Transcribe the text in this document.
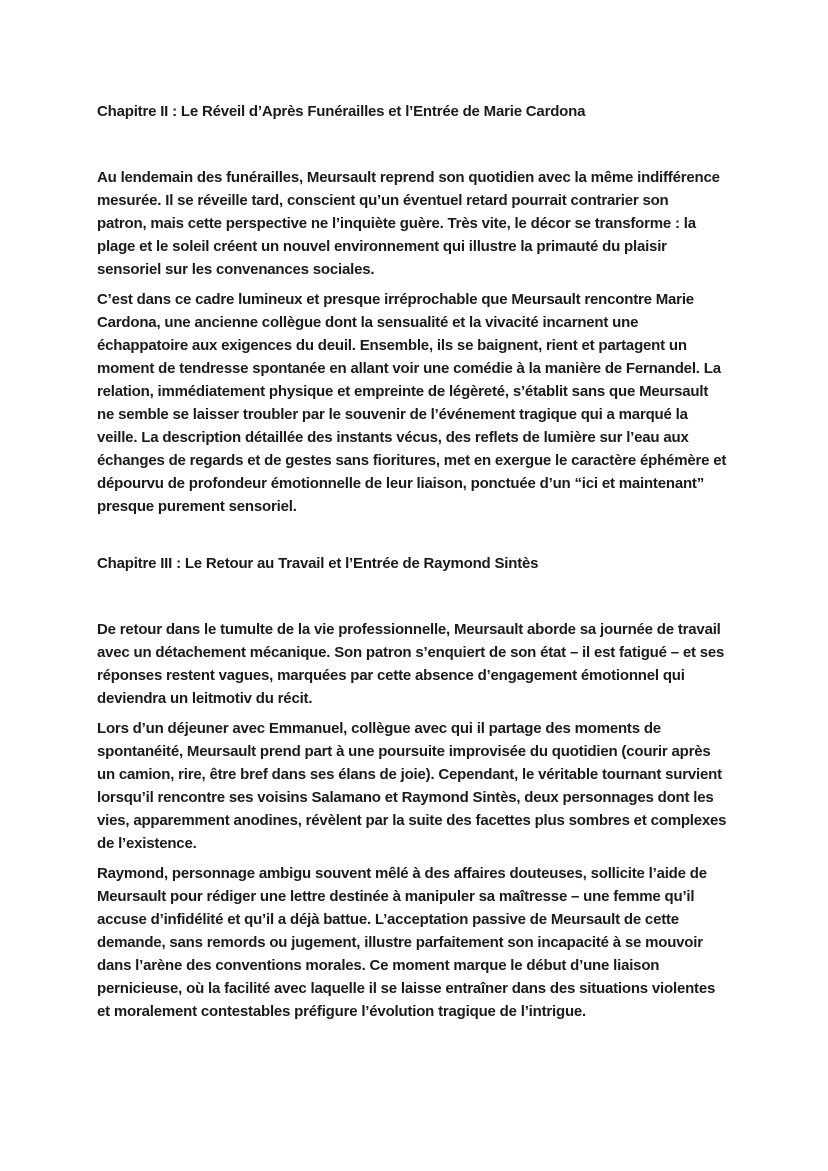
Chapitre II : Le Réveil d’Après Funérailles et l’Entrée de Marie Cardona
Au lendemain des funérailles, Meursault reprend son quotidien avec la même indifférence
mesurée. Il se réveille tard, conscient qu’un éventuel retard pourrait contrarier son
patron, mais cette perspective ne l’inquiète guère. Très vite, le décor se transforme : la
plage et le soleil créent un nouvel environnement qui illustre la primauté du plaisir
sensoriel sur les convenances sociales.
C’est dans ce cadre lumineux et presque irréprochable que Meursault rencontre Marie
Cardona, une ancienne collègue dont la sensualité et la vivacité incarnent une
échappatoire aux exigences du deuil. Ensemble, ils se baignent, rient et partagent un
moment de tendresse spontanée en allant voir une comédie à la manière de Fernandel. La
relation, immédiatement physique et empreinte de légèreté, s’établit sans que Meursault
ne semble se laisser troubler par le souvenir de l’événement tragique qui a marqué la
veille. La description détaillée des instants vécus, des reflets de lumière sur l’eau aux
échanges de regards et de gestes sans fioritures, met en exergue le caractère éphémère et
dépourvu de profondeur émotionnelle de leur liaison, ponctuée d’un “ici et maintenant”
presque purement sensoriel.
Chapitre III : Le Retour au Travail et l’Entrée de Raymond Sintès
De retour dans le tumulte de la vie professionnelle, Meursault aborde sa journée de travail
avec un détachement mécanique. Son patron s’enquiert de son état – il est fatigué – et ses
réponses restent vagues, marquées par cette absence d’engagement émotionnel qui
deviendra un leitmotiv du récit.
Lors d’un déjeuner avec Emmanuel, collègue avec qui il partage des moments de
spontanéité, Meursault prend part à une poursuite improvisée du quotidien (courir après
un camion, rire, être bref dans ses élans de joie). Cependant, le véritable tournant survient
lorsqu’il rencontre ses voisins Salamano et Raymond Sintès, deux personnages dont les
vies, apparemment anodines, révèlent par la suite des facettes plus sombres et complexes
de l’existence.
Raymond, personnage ambigu souvent mêlé à des affaires douteuses, sollicite l’aide de
Meursault pour rédiger une lettre destinée à manipuler sa maîtresse – une femme qu’il
accuse d’infidélité et qu’il a déjà battue. L’acceptation passive de Meursault de cette
demande, sans remords ou jugement, illustre parfaitement son incapacité à se mouvoir
dans l’arène des conventions morales. Ce moment marque le début d’une liaison
pernicieuse, où la facilité avec laquelle il se laisse entraîner dans des situations violentes
et moralement contestables préfigure l’évolution tragique de l’intrigue.
